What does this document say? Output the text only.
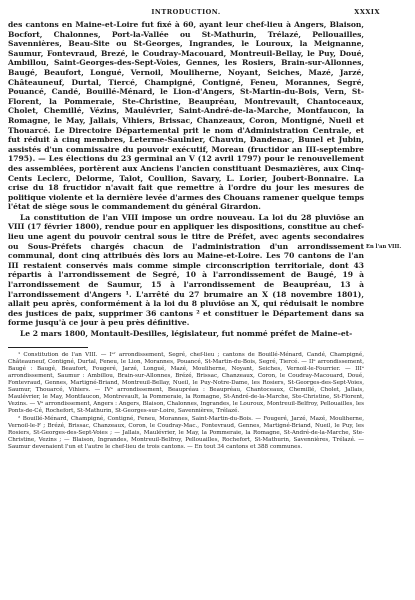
INTRODUCTION.	XXXIX

des cantons en Maine-et-Loire fut fixé à 60, ayant leur chef-lieu à Angers, Blaison, Bocfort, Chalonnes, Port-la-Vallée ou St-Mathurin, Trélazé, Pellouailles, Savennières, Beau-Site ou St-Georges, Ingrandes, le Louroux, la Meignanne, Saumur, Fontevraud, Brezé, le Coudray-Macouard, Montreuil-Bellay, le Puy, Doué, Ambillou, Saint-Georges-des-Sept-Voies, Gennes, les Rosiers, Brain-sur-Allonnes, Baugé, Beaufort, Longué, Vernoil, Mouliherne, Noyant, Seiches, Mazé, Jarzé, Châteauneuf, Durtal, Tiercé, Champigné, Contigné, Feneu, Morannes, Segré, Pouancé, Candé, Bouillé-Ménard, le Lion-d'Angers, St-Martin-du-Bois, Vern, St-Florent, la Pommeraie, Ste-Christine, Beaupréau, Montrevault, Chantoceaux, Cholet, Chemillé, Vézins, Maulévrier, Saint-André-de-la-Marche, Montfaucon, la Romagne, le May, Jallais, Vihiers, Brissac, Chanzeaux, Coron, Montigné, Nueil et Thouarcé. Le Directoire Départemental prit le nom d'Administration Centrale, et fut réduit à cinq membres, Leterme-Saulnier, Chauvin, Dandenac, Bunel et Jubin, assistés d'un commissaire du pouvoir exécutif, Moreau (fructidor an III-septembre 1795). — Les élections du 23 germinal an V (12 avril 1797) pour le renouvellement des assemblées, portèrent aux Anciens l'ancien constituant Desmazières, aux Cinq-Cents Leclerc, Delorme, Talot, Coullion, Savary, L. Lorier, Joubert-Bonnaire. La crise du 18 fructidor n'avait fait que remettre à l'ordre du jour les mesures de politique violente et la dernière levée d'armes des Chouans ramener quelque temps l'état de siège sous le commandement du général Girardon.

La constitution de l'an VIII impose un ordre nouveau. La loi du 28 pluviôse an VIII (17 février 1800), rendue pour en appliquer les dispositions, constitue au chef-lieu une agent du pouvoir central sous le titre de Préfet, avec agents secondaires ou Sous-Préfets chargés chacun de l'administration d'un arrondissement communal, dont cinq attribués dès lors au Maine-et-Loire. Les 70 cantons de l'an III restaient conservés mais comme simple circonscription territoriale, dont 43 répartis à l'arrondissement de Segré, 10 à l'arrondissement de Baugé, 19 à l'arrondissement de Saumur, 15 à l'arrondissement de Beaupréau, 13 à l'arrondissement d'Angers ¹. L'arrêté du 27 brumaire an X (18 novembre 1801), allait peu après, conformément à la loi du 8 pluviôse an X, qui réduisait le nombre des justices de paix, supprimer 36 cantons ² et constituer le Département dans sa forme jusqu'à ce jour à peu près définitive.

Le 2 mars 1800, Montault-Desilles, législateur, fut nommé préfet de Maine-et-

¹ Constitution de l'an VIII. — Iᵉʳ arrondissement, Segré, chef-lieu ; cantons de Bouillé-Ménard, Candé, Champigné, Châteauneuf, Contigné, Durtal, Feneu, le Lion, Morannes, Pouancé, St-Martin-du-Bois, Segré, Tiercé. — IIᵉ arrondissement, Baugé : Baugé, Beaufort, Fougeré, Jarzé, Longué, Mazé, Mouliherne, Noyant, Seiches, Vernoil-le-Fourrier. — IIIᵉ arrondissement, Saumur : Ambillou, Brain-sur-Allonnes, Brézé, Brissac, Chanzeaux, Coron, le Coudray-Macouard, Doué, Fontevraud, Gennes, Martigné-Briand, Montreuil-Bellay, Nueil, le Puy-Notre-Dame, les Rosiers, St-Georges-des-Sept-Voies, Saumur, Thouarcé, Vihiers. — IVᵉ arrondissement, Beaupréau : Beaupréau, Chantoceaux, Chemillé, Cholet, Jallais, Maulévrier, le May, Montfaucon, Montrevault, la Pommeraie, la Romagne, St-André-de-la-Marche, Ste-Christine, St-Florent, Vezins. — Vᵉ arrondissement, Angers : Angers, Blaison, Chalonnes, Ingrandes, le Louroux, Montreuil-Belfroy, Pellouailles, les Ponts-de-Cé, Rochefort, St-Mathurin, St-Georges-sur-Loire, Savennières, Trélazé.

² Bouillé-Ménard, Champigné, Contigné, Feneu, Morannes, Saint-Martin-du-Bois. — Fougeré, Jarzé, Mazé, Mouliherne, Vernoil-le-F ; Brézé, Brissac, Chanzeaux, Coron, le Coudray-Mac., Fontevraud, Gennes, Martigné-Briand, Nueil, le Puy, les Rosiers, St-Georges-des-Sept-Voies ; — Jallais, Maulévrier, le May, la Pommeraie, la Romagne, St-André-de-la-Marche, Ste-Christine, Vezins ; — Blaison, Ingrandes, Montreuil-Belfroy, Pellouailles, Rochefort, St-Mathurin, Savennières, Trélazé. — Saumur devenaient l'un et l'autre le chef-lieu de trois cantons. — En tout 34 cantons et 388 communes.

En l'an VIII.
